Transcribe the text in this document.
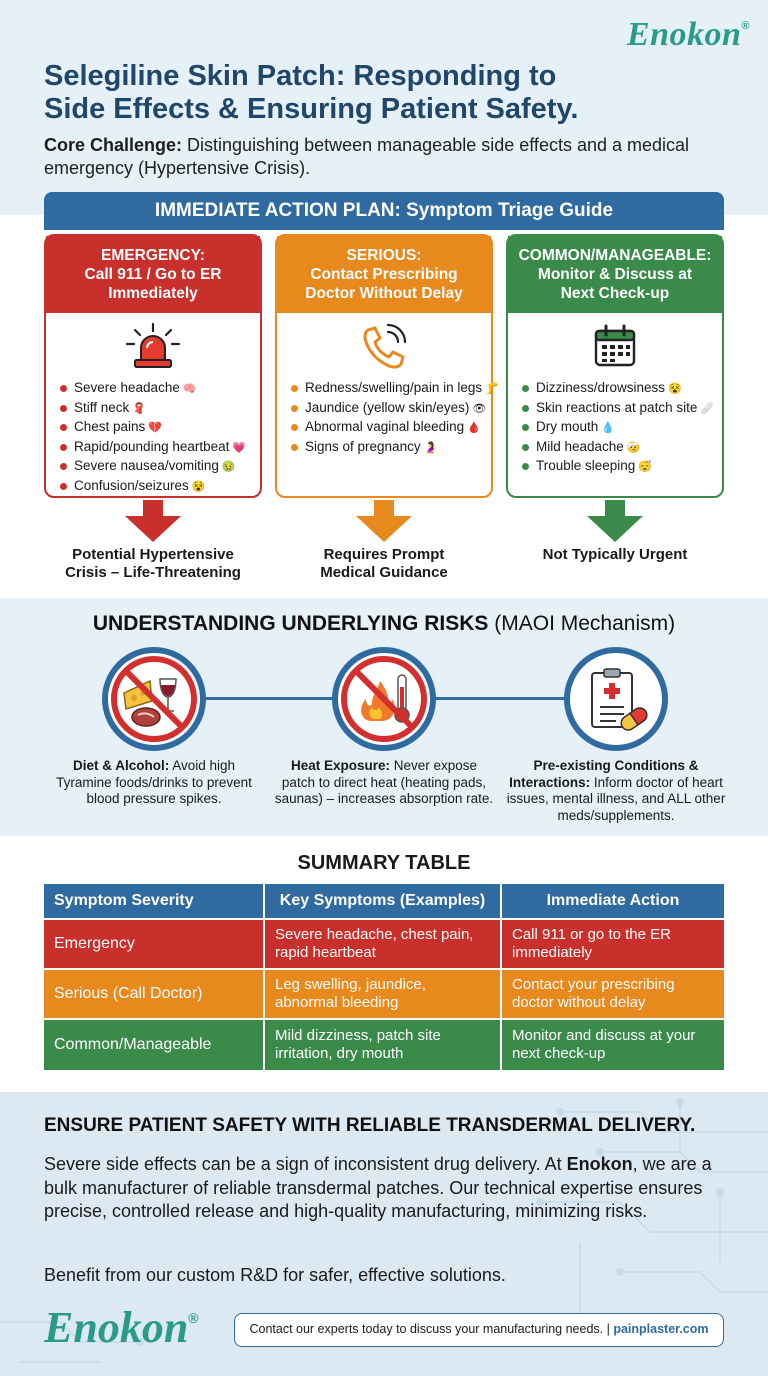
Enokon®
Selegiline Skin Patch: Responding to
Side Effects & Ensuring Patient Safety.

Core Challenge: Distinguishing between manageable side effects and a medical emergency (Hypertensive Crisis).

IMMEDIATE ACTION PLAN: Symptom Triage Guide
EMERGENCY:
Call 911 / Go to ER
Immediately
Severe headache 🧠
Stiff neck 🧣
Chest pains 💔
Rapid/pounding heartbeat 💗
Severe nausea/vomiting 🤢
Confusion/seizures 😵
SERIOUS:
Contact Prescribing
Doctor Without Delay
Redness/swelling/pain in legs 🦵
Jaundice (yellow skin/eyes) 👁
Abnormal vaginal bleeding 🩸
Signs of pregnancy 🤰
COMMON/MANAGEABLE:
Monitor & Discuss at
Next Check-up
Dizziness/drowsiness 😵
Skin reactions at patch site 🩹
Dry mouth 💧
Mild headache 🤕
Trouble sleeping 😴
Potential Hypertensive
Crisis – Life-Threatening
Requires Prompt
Medical Guidance
Not Typically Urgent
UNDERSTANDING UNDERLYING RISKS (MAOI Mechanism)
Diet & Alcohol: Avoid high Tyramine foods/drinks to prevent blood pressure spikes.
Heat Exposure: Never expose patch to direct heat (heating pads, saunas) – increases absorption rate.
Pre-existing Conditions & Interactions: Inform doctor of heart issues, mental illness, and ALL other meds/supplements.
SUMMARY TABLE
Symptom Severity	Key Symptoms (Examples)	Immediate Action
Emergency
Severe headache, chest pain, rapid heartbeat
Call 911 or go to the ER immediately
Serious (Call Doctor)
Leg swelling, jaundice, abnormal bleeding
Contact your prescribing doctor without delay
Common/Manageable
Mild dizziness, patch site irritation, dry mouth
Monitor and discuss at your next check-up
ENSURE PATIENT SAFETY WITH RELIABLE TRANSDERMAL DELIVERY.

Severe side effects can be a sign of inconsistent drug delivery. At Enokon, we are a bulk manufacturer of reliable transdermal patches. Our technical expertise ensures precise, controlled release and high-quality manufacturing, minimizing risks.

Benefit from our custom R&D for safer, effective solutions.

Enokon®
Contact our experts today to discuss your manufacturing needs. | painplaster.com
